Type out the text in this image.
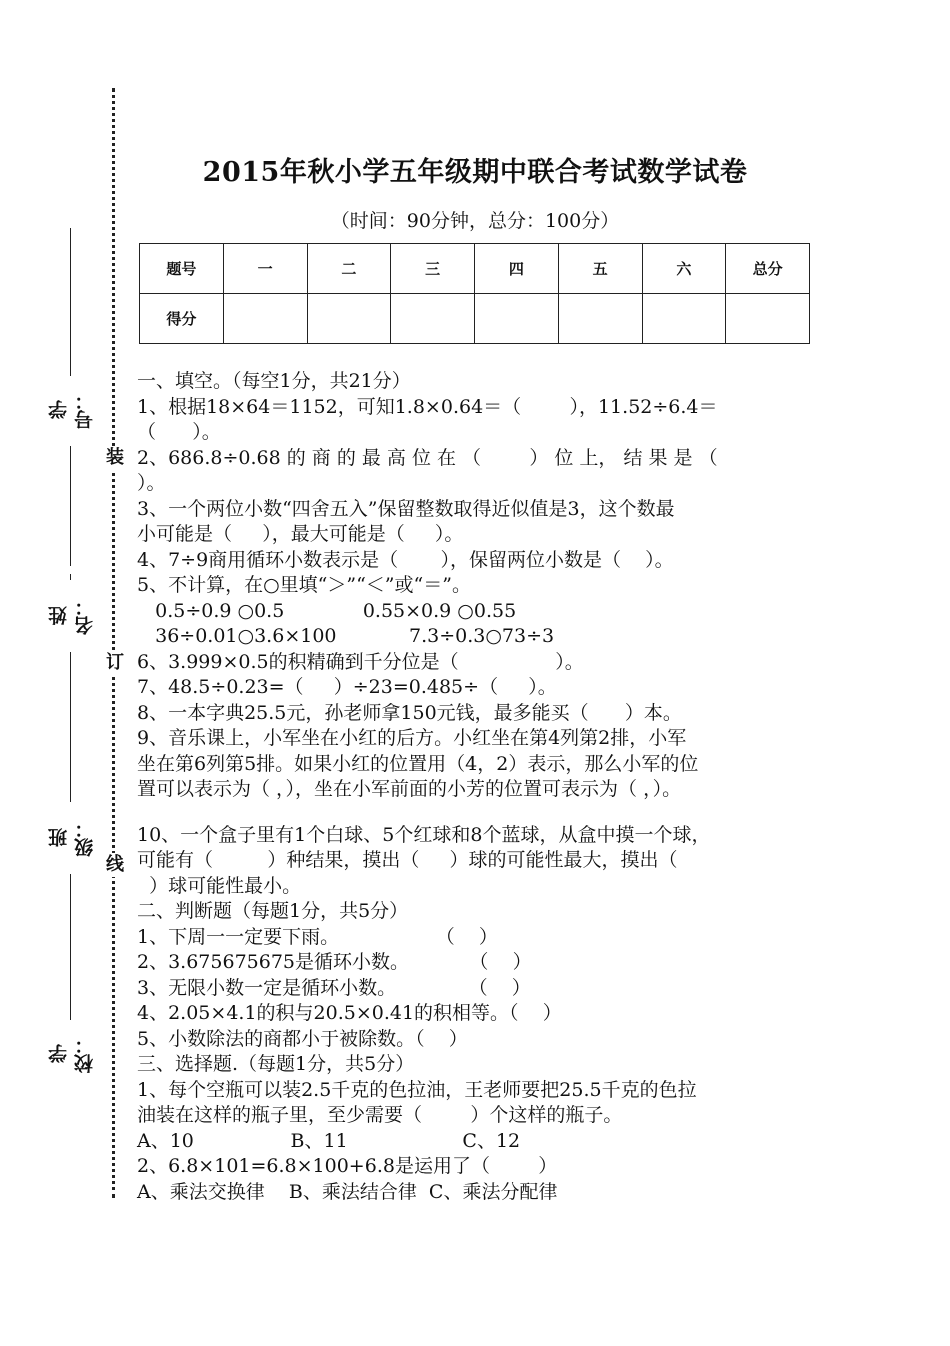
学号：
姓名：
班级：
学校：
装
订
线
2015年秋小学五年级期中联合考试数学试卷
（时间：90分钟，总分：100分）
题号	一	二	三	四	五	六	总分
得分							
一、填空。（每空1分，共21分）
1、根据18×64＝1152，可知1.8×0.64＝（        ），11.52÷6.4＝
（      ）。
2、686.8÷0.68 的 商 的 最 高 位 在 （        ） 位 上， 结 果 是 （
）。
3、一个两位小数“四舍五入”保留整数取得近似值是3，这个数最
小可能是（     ），最大可能是（     ）。
4、7÷9商用循环小数表示是（       ），保留两位小数是（    ）。
5、不计算，在○里填“＞”“＜”或“＝”。
0.5÷0.9 ○0.5             0.55×0.9 ○0.55
36÷0.01○3.6×100            7.3÷0.3○73÷3
6、3.999×0.5的积精确到千分位是（                ）。
7、48.5÷0.23=（     ）÷23=0.485÷（     ）。
8、一本字典25.5元，孙老师拿150元钱，最多能买（      ）本。
9、音乐课上，小军坐在小红的后方。小红坐在第4列第2排，小军
坐在第6列第5排。如果小红的位置用（4，2）表示，那么小军的位
置可以表示为（ ，），坐在小军前面的小芳的位置可表示为（ ，）。
10、一个盒子里有1个白球、5个红球和8个蓝球，从盒中摸一个球，
可能有（         ）种结果，摸出（     ）球的可能性最大，摸出（
）球可能性最小。
二、判断题（每题1分，共5分）
1、下周一一定要下雨。                （    ）
2、3.675675675是循环小数。          （    ）
3、无限小数一定是循环小数。            （    ）
4、2.05×4.1的积与20.5×0.41的积相等。（    ）
5、小数除法的商都小于被除数。（    ）
三、选择题.（每题1分，共5分）
1、每个空瓶可以装2.5千克的色拉油，王老师要把25.5千克的色拉
油装在这样的瓶子里，至少需要（        ）个这样的瓶子。
A、10                B、11                   C、12
2、6.8×101=6.8×100+6.8是运用了（        ）
A、乘法交换律    B、乘法结合律  C、乘法分配律
